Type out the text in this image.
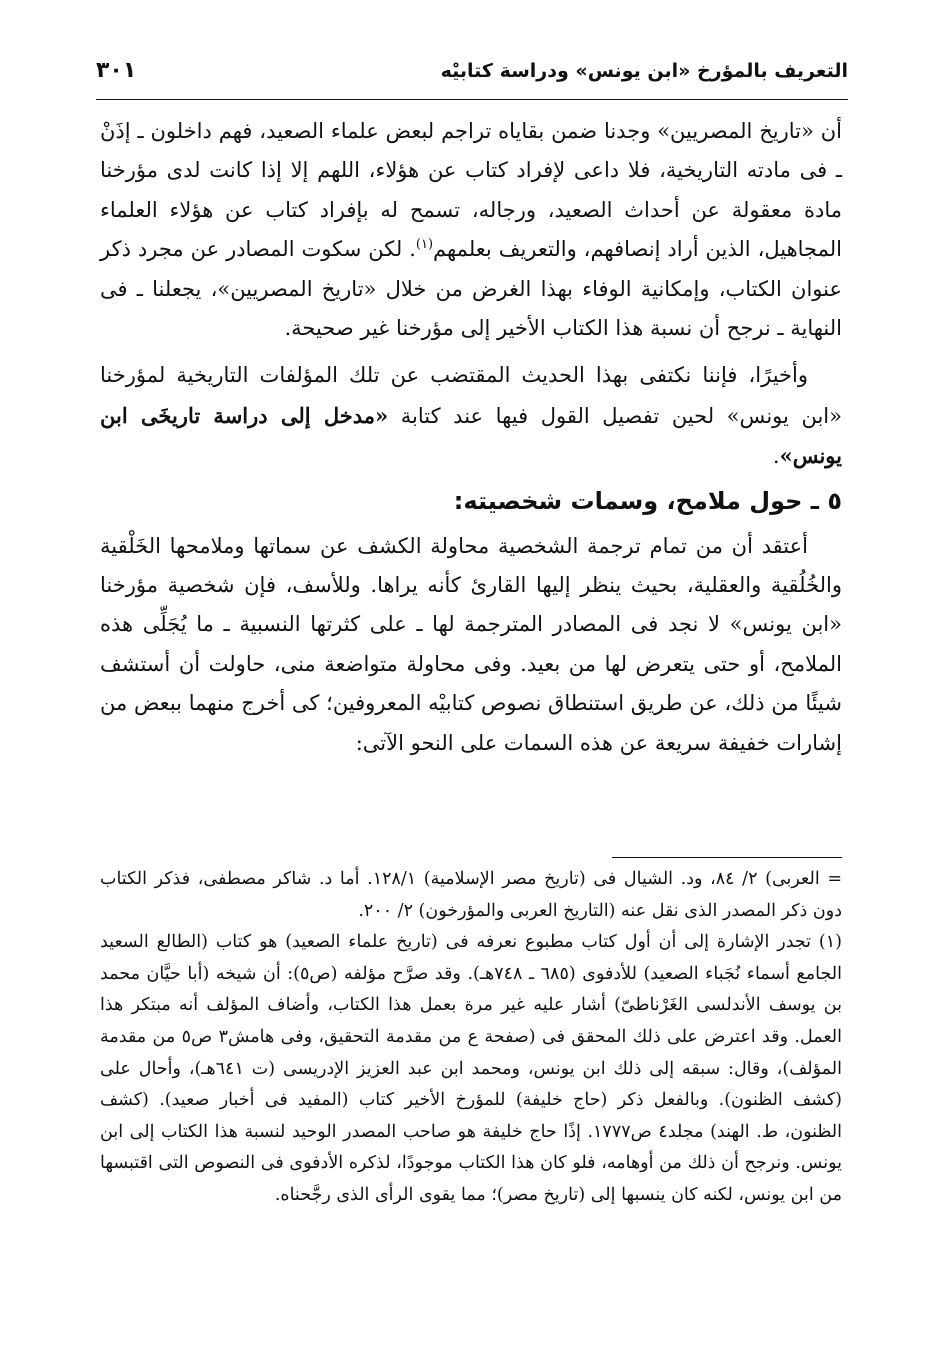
التعريف بالمؤرخ «ابن يونس» ودراسة كتابيْه
٣٠١

أن «تاريخ المصريين» وجدنا ضمن بقاياه تراجم لبعض علماء الصعيد، فهم داخلون ـ إذَنْ ـ فى مادته التاريخية، فلا داعى لإفراد كتاب عن هؤلاء، اللهم إلا إذا كانت لدى مؤرخنا مادة معقولة عن أحداث الصعيد، ورجاله، تسمح له بإفراد كتاب عن هؤلاء العلماء المجاهيل، الذين أراد إنصافهم، والتعريف بعلمهم$^{(١)}$. لكن سكوت المصادر عن مجرد ذكر عنوان الكتاب، وإمكانية الوفاء بهذا الغرض من خلال «تاريخ المصريين»، يجعلنا ـ فى النهاية ـ نرجح أن نسبة هذا الكتاب الأخير إلى مؤرخنا غير صحيحة.

وأخيرًا، فإننا نكتفى بهذا الحديث المقتضب عن تلك المؤلفات التاريخية لمؤرخنا «ابن يونس» لحين تفصيل القول فيها عند كتابة «مدخل إلى دراسة تاريخَى ابن يونس».

٥ ـ حول ملامح، وسمات شخصيته:

أعتقد أن من تمام ترجمة الشخصية محاولة الكشف عن سماتها وملامحها الخَلْقية والخُلُقية والعقلية، بحيث ينظر إليها القارئ كأنه يراها. وللأسف، فإن شخصية مؤرخنا «ابن يونس» لا نجد فى المصادر المترجمة لها ـ على كثرتها النسبية ـ ما يُجَلِّى هذه الملامح، أو حتى يتعرض لها من بعيد. وفى محاولة متواضعة منى، حاولت أن أستشف شيئًا من ذلك، عن طريق استنطاق نصوص كتابيْه المعروفين؛ كى أخرج منهما ببعض من إشارات خفيفة سريعة عن هذه السمات على النحو الآتى:

= العربى) ٢/ ٨٤، ود. الشيال فى (تاريخ مصر الإسلامية) ١٢٨/١. أما د. شاكر مصطفى، فذكر الكتاب دون ذكر المصدر الذى نقل عنه (التاريخ العربى والمؤرخون) ٢/ ٢٠٠.

(١) تجدر الإشارة إلى أن أول كتاب مطبوع نعرفه فى (تاريخ علماء الصعيد) هو كتاب (الطالع السعيد الجامع أسماء نُجَباء الصعيد) للأدفوى (٦٨٥ ـ ٧٤٨هـ). وقد صرَّح مؤلفه (ص٥): أن شيخه (أبا حيَّان محمد بن يوسف الأندلسى الغَرْناطىّ) أشار عليه غير مرة بعمل هذا الكتاب، وأضاف المؤلف أنه مبتكر هذا العمل. وقد اعترض على ذلك المحقق فى (صفحة ع من مقدمة التحقيق، وفى هامش٣ ص٥ من مقدمة المؤلف)، وقال: سبقه إلى ذلك ابن يونس، ومحمد ابن عبد العزيز الإدريسى (ت ٦٤١هـ)، وأحال على (كشف الظنون). وبالفعل ذكر (حاج خليفة) للمؤرخ الأخير كتاب (المفيد فى أخبار صعيد). (كشف الظنون، ط. الهند) مجلد٤ ص١٧٧٧. إذًا حاج خليفة هو صاحب المصدر الوحيد لنسبة هذا الكتاب إلى ابن يونس. ونرجح أن ذلك من أوهامه، فلو كان هذا الكتاب موجودًا، لذكره الأدفوى فى النصوص التى اقتبسها من ابن يونس، لكنه كان ينسبها إلى (تاريخ مصر)؛ مما يقوى الرأى الذى رجَّحناه.
